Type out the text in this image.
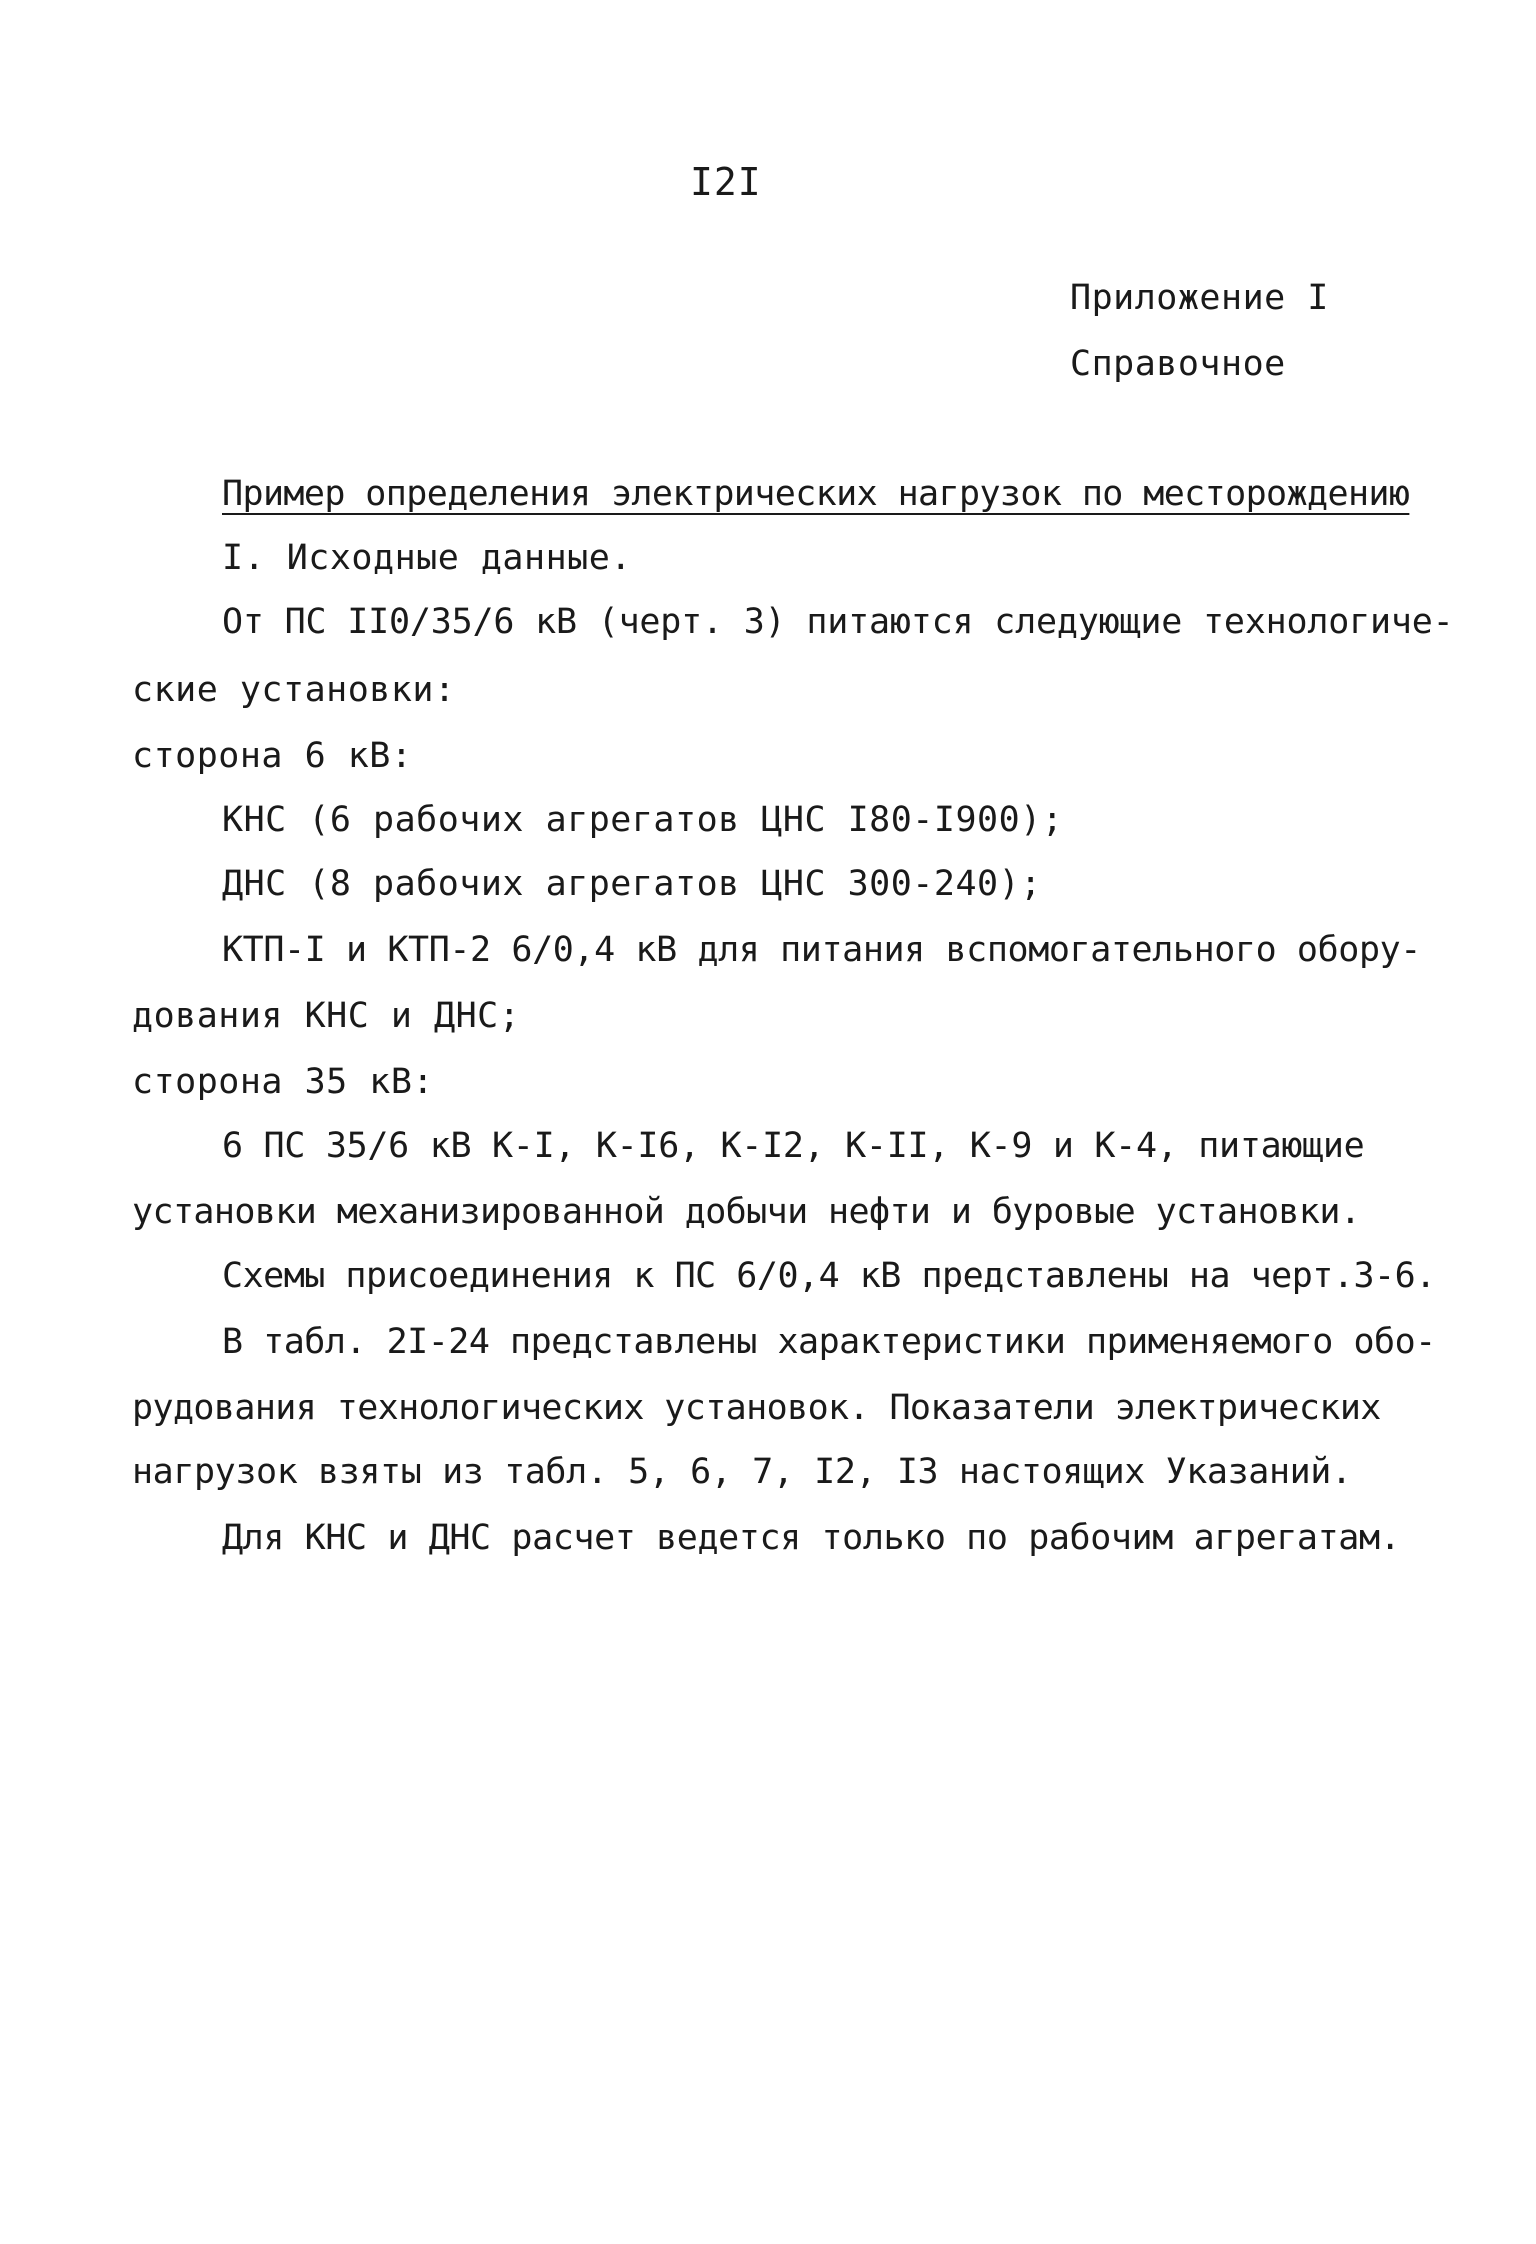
I2I
Приложение I
Справочное
Пример определения электрических нагрузок по месторождению
I. Исходные данные.
От ПС II0/35/6 кВ (черт. 3) питаются следующие технологиче-
ские установки:
сторона 6 кВ:
КНС (6 рабочих агрегатов ЦНС I80-I900);
ДНС (8 рабочих агрегатов ЦНС 300-240);
КТП-I и КТП-2 6/0,4 кВ для питания вспомогательного обору-
дования КНС и ДНС;
сторона 35 кВ:
6 ПС 35/6 кВ К-I, К-I6, К-I2, К-II, К-9 и К-4, питающие
установки механизированной добычи нефти и буровые установки.
Схемы присоединения к ПС 6/0,4 кВ представлены на черт.3-6.
В табл. 2I-24 представлены характеристики применяемого обо-
рудования технологических установок. Показатели электрических
нагрузок взяты из табл. 5, 6, 7, I2, I3 настоящих Указаний.
Для КНС и ДНС расчет ведется только по рабочим агрегатам.
